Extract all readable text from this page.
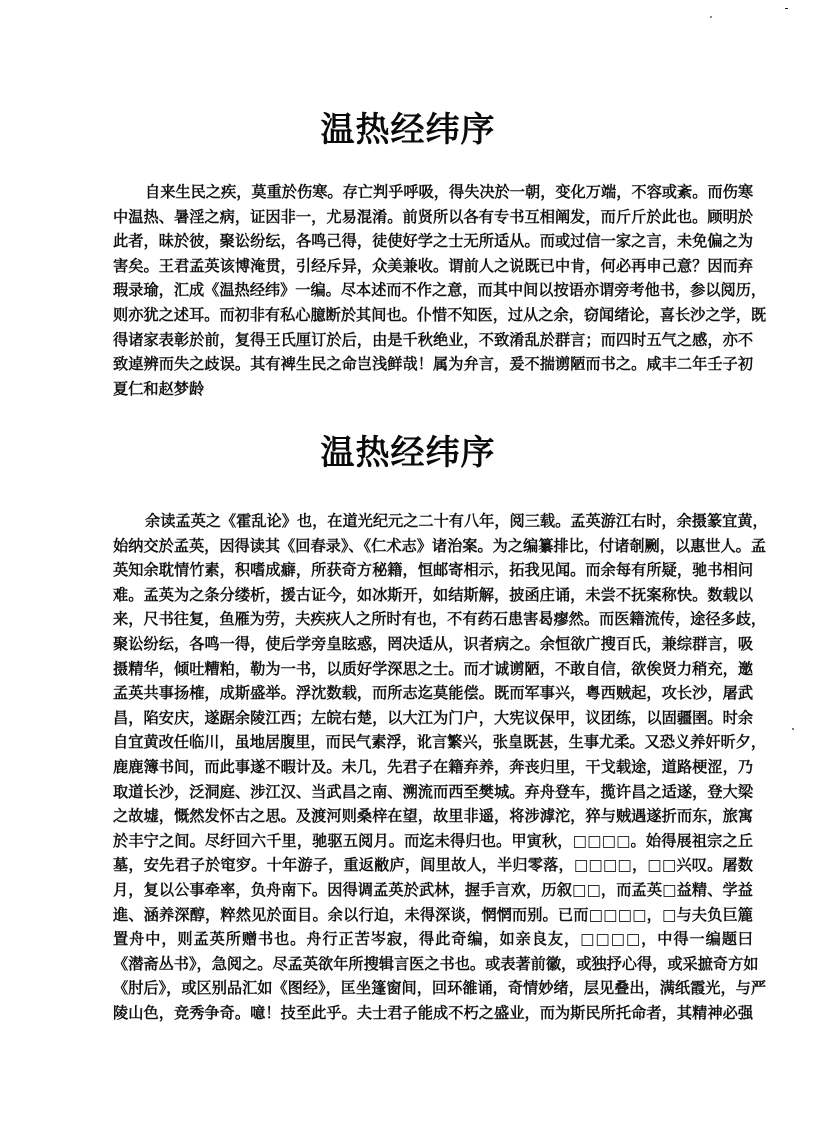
温热经纬序
自来生民之疾，莫重於伤寒。存亡判乎呼吸，得失决於一朝，变化万端，不容或紊。而伤寒
中温热、暑淫之病，证因非一，尤易混淆。前贤所以各有专书互相阐发，而斤斤於此也。顾明於
此者，昧於彼，聚讼纷纭，各鸣己得，徒使好学之士无所适从。而或过信一家之言，未免偏之为
害矣。王君孟英该博淹贯，引经斥异，众美兼收。谓前人之说既已中肯，何必再申己意？因而弃
瑕录瑜，汇成《温热经纬》一编。尽本述而不作之意，而其中间以按语亦谓旁考他书，参以阅历，
则亦犹之述耳。而初非有私心臆断於其间也。仆惜不知医，过从之余，窃闻绪论，喜长沙之学，既
得诸家表彰於前，复得王氏厘订於后，由是千秋绝业，不致淆乱於群言；而四时五气之感，亦不
致逴辨而失之歧误。其有裨生民之命岂浅鲜哉！属为弁言，爰不揣谫陋而书之。咸丰二年壬子初
夏仁和赵梦龄
温热经纬序
余读孟英之《霍乱论》也，在道光纪元之二十有八年，阅三载。孟英游江右时，余摄篆宜黄，
始纳交於孟英，因得读其《回春录》、《仁术志》诸治案。为之编纂排比，付诸剞劂，以惠世人。孟
英知余耽情竹素，积嗜成癖，所获奇方秘籍，恒邮寄相示，拓我见闻。而余每有所疑，驰书相问
难。孟英为之条分缕析，援古证今，如冰斯开，如结斯解，披函庄诵，未尝不抚案称快。数载以
来，尺书往复，鱼雁为劳，夫疾疢人之所时有也，不有药石患害曷瘳然。而医籍流传，途径多歧，
聚讼纷纭，各鸣一得，使后学旁皇眩惑，罔决适从，识者病之。余恒欲广搜百氏，兼综群言，吸
摄精华，倾吐糟粕，勒为一书，以质好学深思之士。而才诚谫陋，不敢自信，欲俟贤力稍充，邀
孟英共事扬榷，成斯盛举。浮沈数载，而所志迄莫能偿。既而军事兴，粤西贼起，攻长沙，屠武
昌，陷安庆，遂踞余陵江西；左皖右楚，以大江为门户，大宪议保甲，议团练，以固疆圉。时余
自宜黄改任临川，虽地居腹里，而民气素浮，讹言繁兴，张皇既甚，生事尤柔。又恐义养奸昕夕，
鹿鹿簿书间，而此事遂不暇计及。未几，先君子在籍弃养，奔丧归里，干戈载途，道路梗涩，乃
取道长沙，泛洞庭、涉江汉、当武昌之南、溯流而西至樊城。弃舟登车，揽许昌之适遂，登大梁
之故墟，慨然发怀古之思。及渡河则桑梓在望，故里非遥，将涉滹沱，猝与贼遇遂折而东，旅寓
於丰宁之间。尽纡回六千里，驰驱五阅月。而迄未得归也。甲寅秋，□□□□。始得展祖宗之丘
墓，安先君子於窀穸。十年游子，重返敝庐，闾里故人，半归零落，□□□□，□□兴叹。屠数
月，复以公事牵率，负舟南下。因得调孟英於武林，握手言欢，历叙□□，而孟英□益精、学益
進、涵养深醇，粹然见於面目。余以行迫，未得深谈，惘惘而别。已而□□□□，□与夫负巨簏
置舟中，则孟英所赠书也。舟行正苦岑寂，得此奇编，如亲良友，□□□□，中得一编题曰
《潜斋丛书》，急阅之。尽孟英欲年所搜辑言医之书也。或表著前徽，或独抒心得，或采摭奇方如
《肘后》，或区别品汇如《图经》，匡坐篷窗间，回环雒诵，奇情妙绪，层见叠出，满纸霞光，与严
陵山色，竞秀争奇。噫！技至此乎。夫士君子能成不朽之盛业，而为斯民所托命者，其精神必强
